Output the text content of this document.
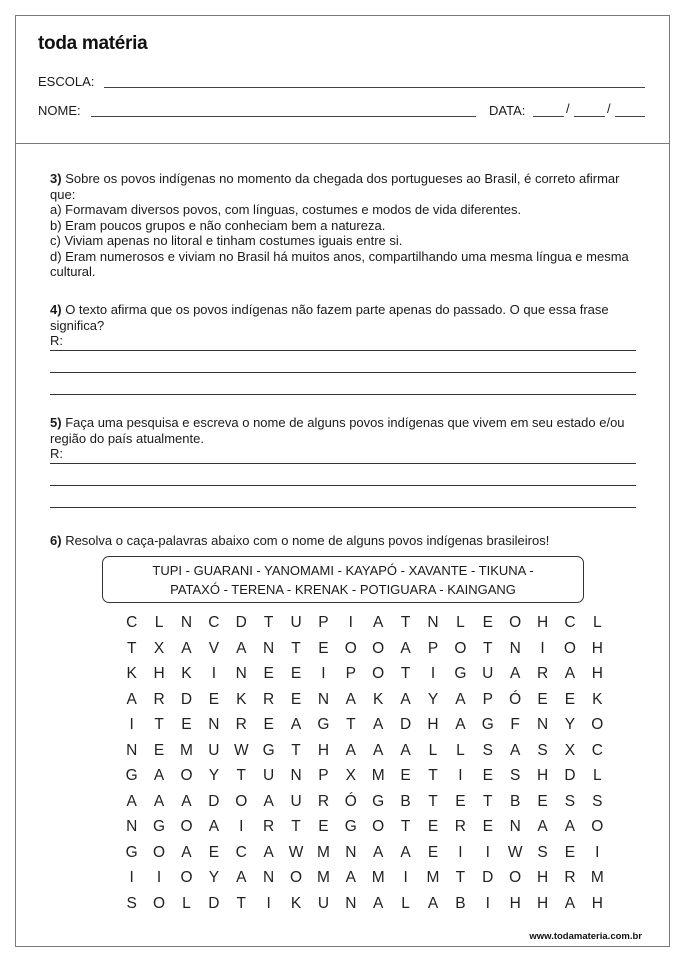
toda matéria
ESCOLA:
NOME:	DATA:	/	/
3) Sobre os povos indígenas no momento da chegada dos portugueses ao Brasil, é correto afirmar que:
a) Formavam diversos povos, com línguas, costumes e modos de vida diferentes.
b) Eram poucos grupos e não conheciam bem a natureza.
c) Viviam apenas no litoral e tinham costumes iguais entre si.
d) Eram numerosos e viviam no Brasil há muitos anos, compartilhando uma mesma língua e mesma cultural.
4) O texto afirma que os povos indígenas não fazem parte apenas do passado. O que essa frase significa?
R:
5) Faça uma pesquisa e escreva o nome de alguns povos indígenas que vivem em seu estado e/ou região do país atualmente.
R:
6) Resolva o caça-palavras abaixo com o nome de alguns povos indígenas brasileiros!
TUPI - GUARANI - YANOMAMI - KAYAPÓ - XAVANTE - TIKUNA -
PATAXÓ - TERENA - KRENAK - POTIGUARA - KAINGANG
C	L	N	C	D	T	U	P	I	A	T	N	L	E	O	H	C	L
T	X	A	V	A	N	T	E	O O	A	P	O	T	N	I	O	H
K	H	K	I	N	E	E	I	P	O	T	I	G	U	A	R	A	H
A	R	D	E	K	R	E	N	A	K	A	Y	A	P	Ó	E	E	K
I	T	E	N	R	E	A	G	T	A	D	H	A	G	F	N	Y	O
N	E	M U W G	T	H	A	A	A	L	L	S	A	S	X	C
G	A	O	Y	T	U	N	P	X	M	E	T	I	E	S	H	D	L
A	A	A	D	O	A	U	R	Ó G	B	T	E	T	B	E	S	S
N	G O	A	I	R	T	E	G O	T	E	R	E	N	A	A	O
G O	A	E	C	A W M N	A	A	E	I	I	W S	E	I
I	I	O	Y	A	N	O M	A	M	I	M	T	D	O	H	R M
S	O	L	D	T	I	K	U	N	A	L	A	B	I	H	H	A	H
www.todamateria.com.br
